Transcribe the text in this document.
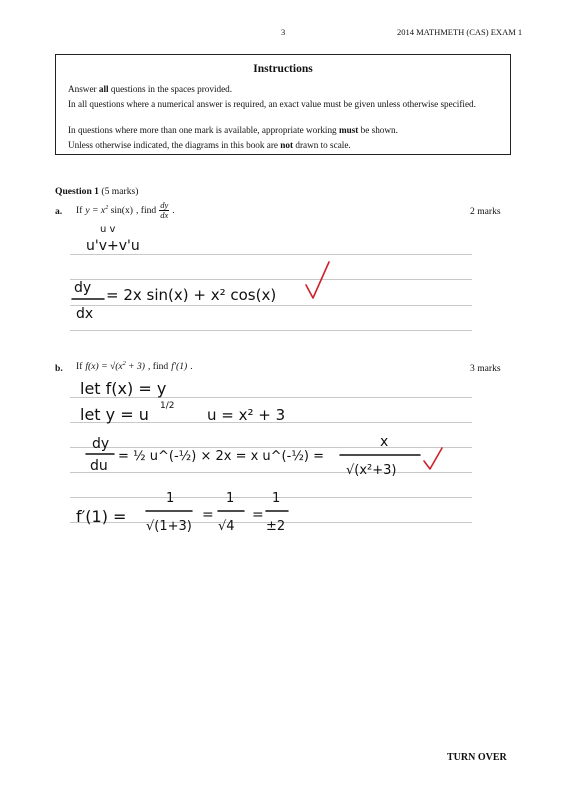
3	2014 MATHMETH (CAS) EXAM 1
Instructions
Answer all questions in the spaces provided.
In all questions where a numerical answer is required, an exact value must be given unless otherwise specified.
In questions where more than one mark is available, appropriate working must be shown.
Unless otherwise indicated, the diagrams in this book are not drawn to scale.
Question 1 (5 marks)
a. If $y = x^2$ sin(x) , find $\frac{dy}{dx}$ .	2 marks
b. If $f(x) = √(x^2 + 3)$ , find f′(1) .	3 marks
u v
u'v+v'u
dy
dx
= 2x sin(x) + x² cos(x)
let f(x) = y
let y = u 1/2 u = x² + 3
dy
du
= ½ u^(-½) × 2x = x u^(-½) =
x
√(x²+3)
f′(1) =
1
√(1+3)
=
1
√4
=
1
±2
TURN OVER
